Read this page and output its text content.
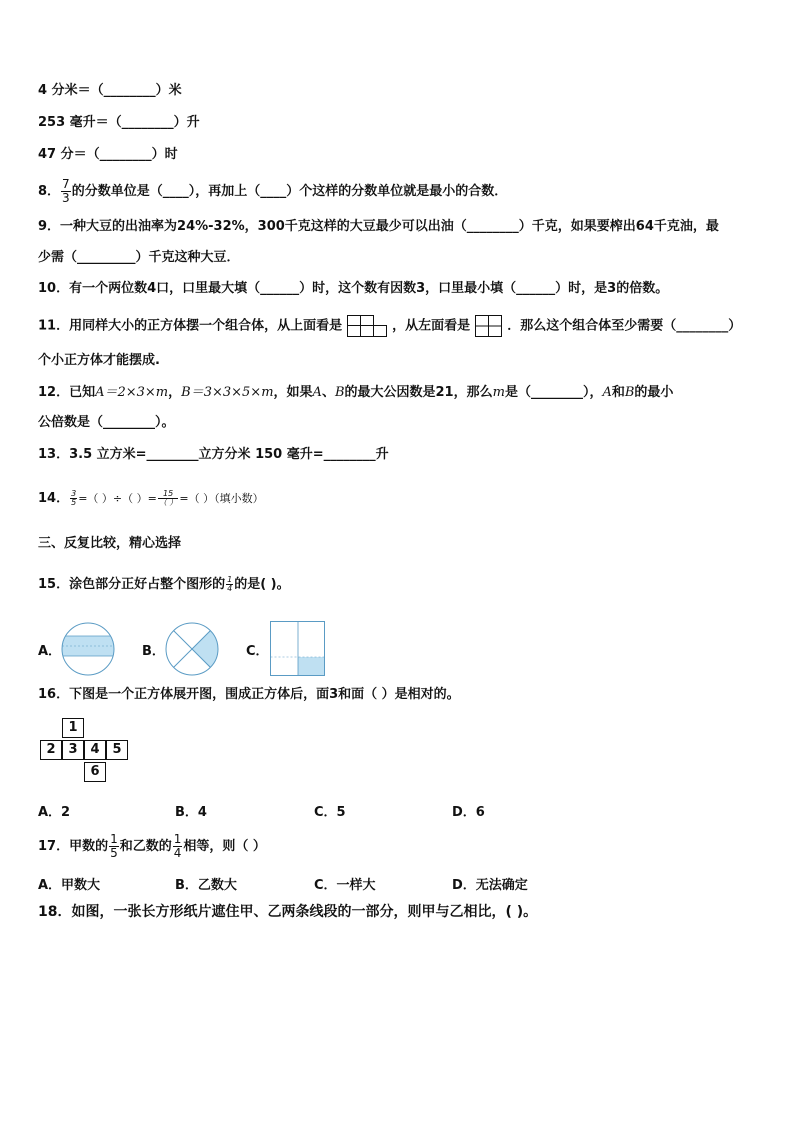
4 分米＝（________）米
253 毫升＝（________）升
47 分＝（________）时
8． $\frac{7}{3}$ 的分数单位是（____），再加上（____）个这样的分数单位就是最小的合数．
9．一种大豆的出油率为24%-32%，300千克这样的大豆最少可以出油（________）千克，如果要榨出64千克油，最
少需（_________）千克这种大豆．
10．有一个两位数4口，口里最大填（______）时，这个数有因数3，口里最小填（______）时，是3的倍数。
11．用同样大小的正方体摆一个组合体，从上面看是	，从左面看是	．那么这个组合体至少需要（________）
个小正方体才能摆成.
12．已知A＝2×3×m，B＝3×3×5×m，如果A、B的最大公因数是21，那么m是（________），A和B的最小
公倍数是（________）。
13．3.5 立方米=________立方分米 150 毫升=________升
14． $\frac{3}{5}$ =（ ）÷（ ）= $\frac{15}{( )}$ =（ ）（填小数）
三、反复比较，精心选择
15．涂色部分正好占整个图形的 $\frac{1}{4}$ 的是( )。
A．	B．	C．
16．下图是一个正方体展开图，围成正方体后，面3和面（ ）是相对的。
1
2 3 4 5
6
A．2	B．4	C．5	D．6
17．甲数的 $\frac{1}{5}$ 和乙数的 $\frac{1}{4}$ 相等，则（ ）
A．甲数大	B．乙数大	C．一样大	D．无法确定
18．如图，一张长方形纸片遮住甲、乙两条线段的一部分，则甲与乙相比，( )。
